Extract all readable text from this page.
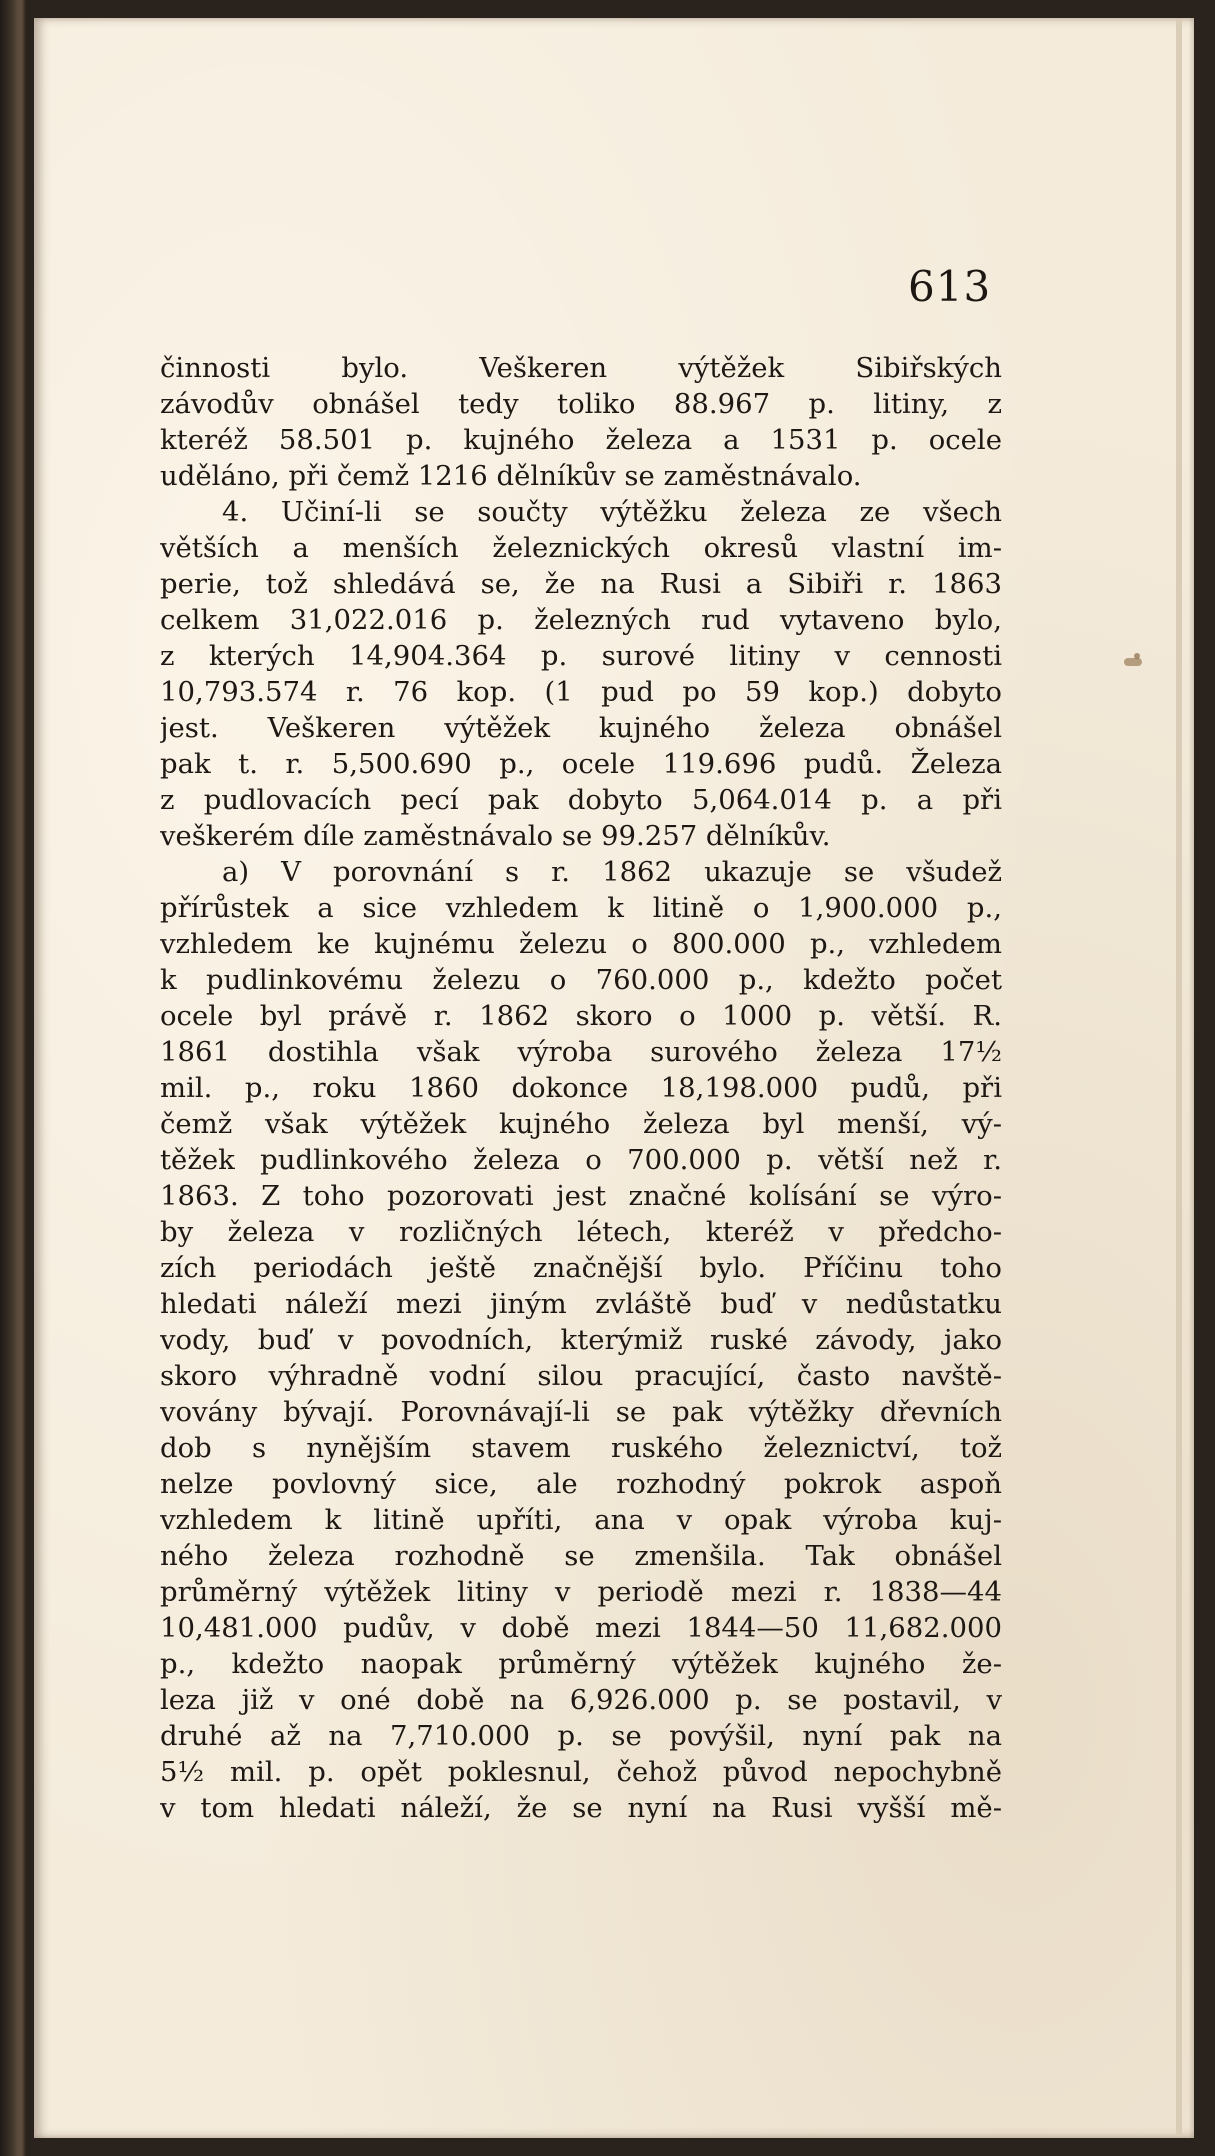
613
činnosti bylo. Veškeren výtěžek Sibiřských
závodův obnášel tedy toliko 88.967 p. litiny, z
kteréž 58.501 p. kujného železa a 1531 p. ocele
uděláno, při čemž 1216 dělníkův se zaměstnávalo.
4. Učiní-li se součty výtěžku železa ze všech
větších a menších železnických okresů vlastní im-
perie, tož shledává se, že na Rusi a Sibiři r. 1863
celkem 31,022.016 p. železných rud vytaveno bylo,
z kterých 14,904.364 p. surové litiny v cennosti
10,793.574 r. 76 kop. (1 pud po 59 kop.) dobyto
jest. Veškeren výtěžek kujného železa obnášel
pak t. r. 5,500.690 p., ocele 119.696 pudů. Železa
z pudlovacích pecí pak dobyto 5,064.014 p. a při
veškerém díle zaměstnávalo se 99.257 dělníkův.
a) V porovnání s r. 1862 ukazuje se všudež
přírůstek a sice vzhledem k litině o 1,900.000 p.,
vzhledem ke kujnému železu o 800.000 p., vzhledem
k pudlinkovému železu o 760.000 p., kdežto počet
ocele byl právě r. 1862 skoro o 1000 p. větší. R.
1861 dostihla však výroba surového železa 17½
mil. p., roku 1860 dokonce 18,198.000 pudů, při
čemž však výtěžek kujného železa byl menší, vý-
těžek pudlinkového železa o 700.000 p. větší než r.
1863. Z toho pozorovati jest značné kolísání se výro-
by železa v rozličných létech, kteréž v předcho-
zích periodách ještě značnější bylo. Příčinu toho
hledati náleží mezi jiným zvláště buď v nedůstatku
vody, buď v povodních, kterýmiž ruské závody, jako
skoro výhradně vodní silou pracující, často navště-
vovány bývají. Porovnávají-li se pak výtěžky dřevních
dob s nynějším stavem ruského železnictví, tož
nelze povlovný sice, ale rozhodný pokrok aspoň
vzhledem k litině upříti, ana v opak výroba kuj-
ného železa rozhodně se zmenšila. Tak obnášel
průměrný výtěžek litiny v periodě mezi r. 1838—44
10,481.000 pudův, v době mezi 1844—50 11,682.000
p., kdežto naopak průměrný výtěžek kujného že-
leza již v oné době na 6,926.000 p. se postavil, v
druhé až na 7,710.000 p. se povýšil, nyní pak na
5½ mil. p. opět poklesnul, čehož původ nepochybně
v tom hledati náleží, že se nyní na Rusi vyšší mě-
